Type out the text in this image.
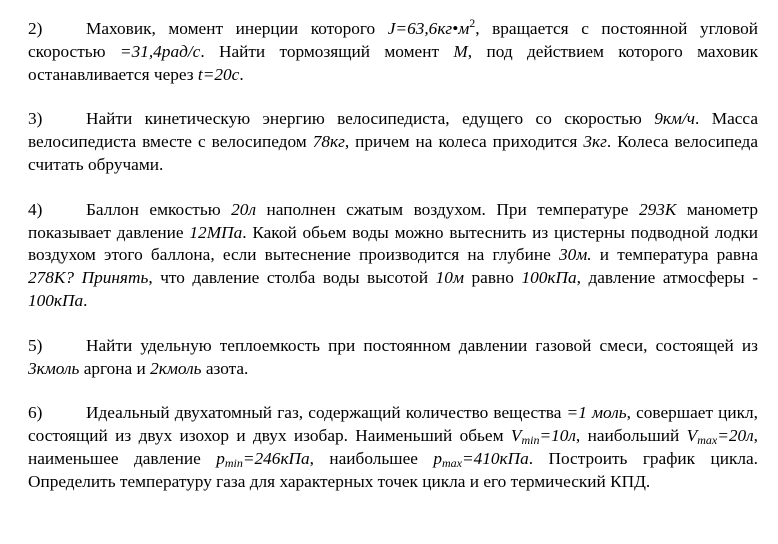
2)	Маховик, момент инерции которого $J=63,6кг•м^2$, вращается с постоянной угловой скоростью =31,4рад/с. Найти тормозящий момент M, под действием которого маховик останавливается через t=20с.

3)	Найти кинетическую энергию велосипедиста, едущего со скоростью 9км/ч. Масса велосипедиста вместе с велосипедом 78кг, причем на колеса приходится 3кг. Колеса велосипеда считать обручами.

4)	Баллон емкостью 20л наполнен сжатым воздухом. При температуре 293К манометр показывает давление 12МПа. Какой обьем воды можно вытеснить из цистерны подводной лодки воздухом этого баллона, если вытеснение производится на глубине 30м. и температура равна 278К? Принять, что давление столба воды высотой 10м равно 100кПа, давление атмосферы - 100кПа.

5)	Найти удельную теплоемкость при постоянном давлении газовой смеси, состоящей из 3кмоль аргона и 2кмоль азота.

6)	Идеальный двухатомный газ, содержащий количество вещества =1 моль, совершает цикл, состоящий из двух изохор и двух изобар. Наименьший обьем $V_{min}=10л$, наибольший $V_{max}=20л$, наименьшее давление $p_{min}=246кПа$, наибольшее $p_{max}=410кПа$. Построить график цикла. Определить температуру газа для характерных точек цикла и его термический КПД.
